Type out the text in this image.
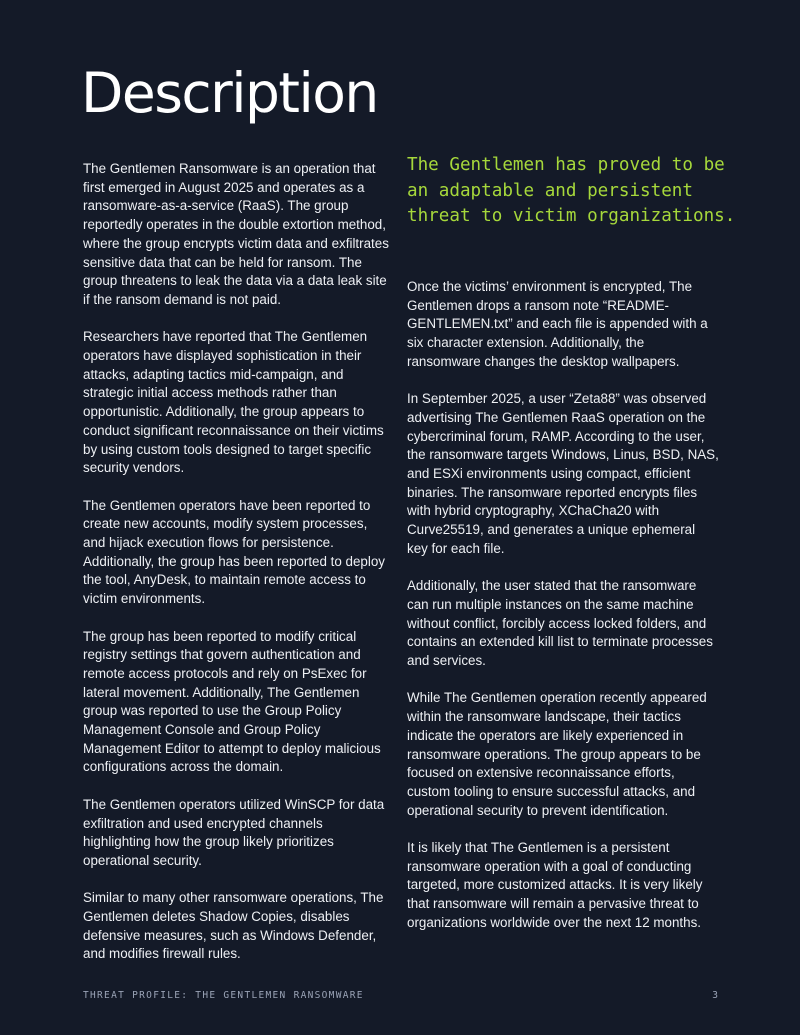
Description

The Gentlemen Ransomware is an operation that first emerged in August 2025 and operates as a ransomware-as-a-service (RaaS). The group reportedly operates in the double extortion method, where the group encrypts victim data and exfiltrates sensitive data that can be held for ransom. The group threatens to leak the data via a data leak site if the ransom demand is not paid.

Researchers have reported that The Gentlemen operators have displayed sophistication in their attacks, adapting tactics mid-campaign, and strategic initial access methods rather than opportunistic. Additionally, the group appears to conduct significant reconnaissance on their victims by using custom tools designed to target specific security vendors.

The Gentlemen operators have been reported to create new accounts, modify system processes, and hijack execution flows for persistence. Additionally, the group has been reported to deploy the tool, AnyDesk, to maintain remote access to victim environments.

The group has been reported to modify critical registry settings that govern authentication and remote access protocols and rely on PsExec for lateral movement. Additionally, The Gentlemen group was reported to use the Group Policy Management Console and Group Policy Management Editor to attempt to deploy malicious configurations across the domain.

The Gentlemen operators utilized WinSCP for data exfiltration and used encrypted channels highlighting how the group likely prioritizes operational security.

Similar to many other ransomware operations, The Gentlemen deletes Shadow Copies, disables defensive measures, such as Windows Defender, and modifies firewall rules.

The Gentlemen has proved to be an adaptable and persistent threat to victim organizations.

Once the victims’ environment is encrypted, The Gentlemen drops a ransom note “README-GENTLEMEN.txt” and each file is appended with a six character extension. Additionally, the ransomware changes the desktop wallpapers.

In September 2025, a user “Zeta88” was observed advertising The Gentlemen RaaS operation on the cybercriminal forum, RAMP. According to the user, the ransomware targets Windows, Linus, BSD, NAS, and ESXi environments using compact, efficient binaries. The ransomware reported encrypts files with hybrid cryptography, XChaCha20 with Curve25519, and generates a unique ephemeral key for each file.

Additionally, the user stated that the ransomware can run multiple instances on the same machine without conflict, forcibly access locked folders, and contains an extended kill list to terminate processes and services.

While The Gentlemen operation recently appeared within the ransomware landscape, their tactics indicate the operators are likely experienced in ransomware operations. The group appears to be focused on extensive reconnaissance efforts, custom tooling to ensure successful attacks, and operational security to prevent identification.

It is likely that The Gentlemen is a persistent ransomware operation with a goal of conducting targeted, more customized attacks. It is very likely that ransomware will remain a pervasive threat to organizations worldwide over the next 12 months.

THREAT PROFILE: THE GENTLEMEN RANSOMWARE	3
